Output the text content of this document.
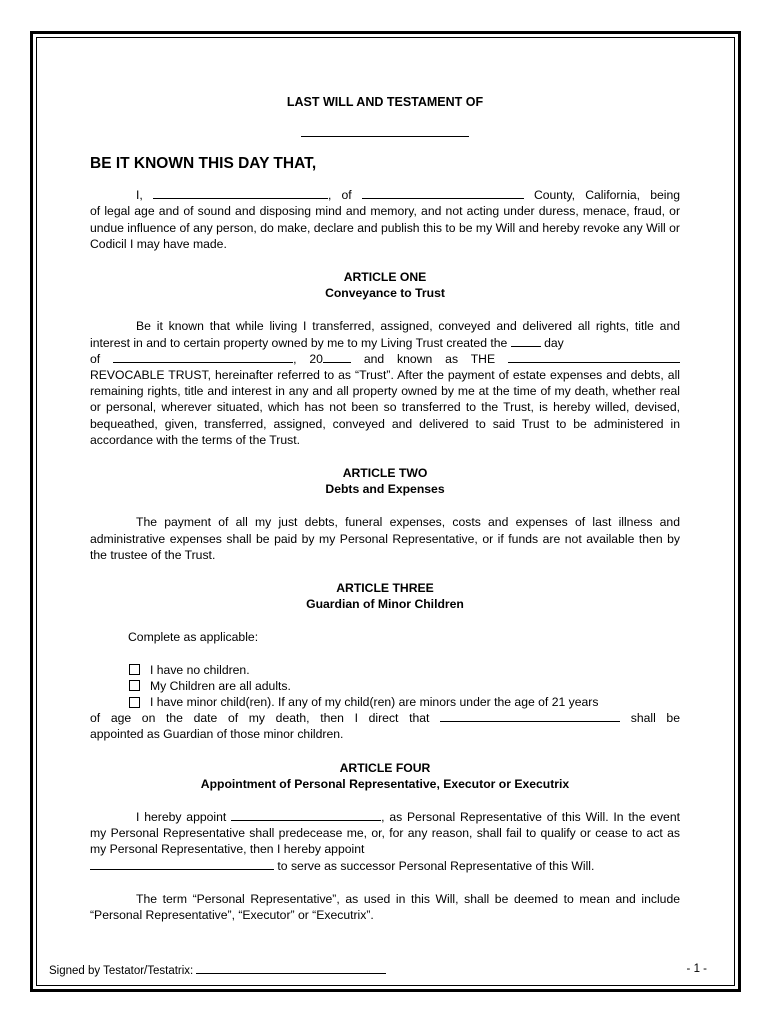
LAST WILL AND TESTAMENT OF

BE IT KNOWN THIS DAY THAT,

I,	, of	County, California, being
of legal age and of sound and disposing mind and memory, and not acting under duress, menace, fraud, or undue influence of any person, do make, declare and publish this to be my Will and hereby revoke any Will or Codicil I may have made.

ARTICLE ONE

Conveyance to Trust

Be it known that while living I transferred, assigned, conveyed and delivered all rights, title and interest in and to certain property owned by me to my Living Trust created the	day
of	, 20	and known as THE
REVOCABLE TRUST, hereinafter referred to as “Trust”. After the payment of estate expenses and debts, all remaining rights, title and interest in any and all property owned by me at the time of my death, whether real or personal, wherever situated, which has not been so transferred to the Trust, is hereby willed, devised, bequeathed, given, transferred, assigned, conveyed and delivered to said Trust to be administered in accordance with the terms of the Trust.

ARTICLE TWO

Debts and Expenses

The payment of all my just debts, funeral expenses, costs and expenses of last illness and administrative expenses shall be paid by my Personal Representative, or if funds are not available then by the trustee of the Trust.

ARTICLE THREE

Guardian of Minor Children

Complete as applicable:

I have no children.
My Children are all adults.
I have minor child(ren). If any of my child(ren) are minors under the age of 21 years

of age on the date of my death, then I direct that	shall be

appointed as Guardian of those minor children.

ARTICLE FOUR

Appointment of Personal Representative, Executor or Executrix

I hereby appoint	, as Personal Representative of this Will. In the event my Personal Representative shall predecease me, or, for any reason, shall fail to qualify or cease to act as my Personal Representative, then I hereby appoint
to serve as successor Personal Representative of this Will.

The term “Personal Representative”, as used in this Will, shall be deemed to mean and include “Personal Representative”, “Executor” or “Executrix”.

Signed by Testator/Testatrix:	- 1 -
